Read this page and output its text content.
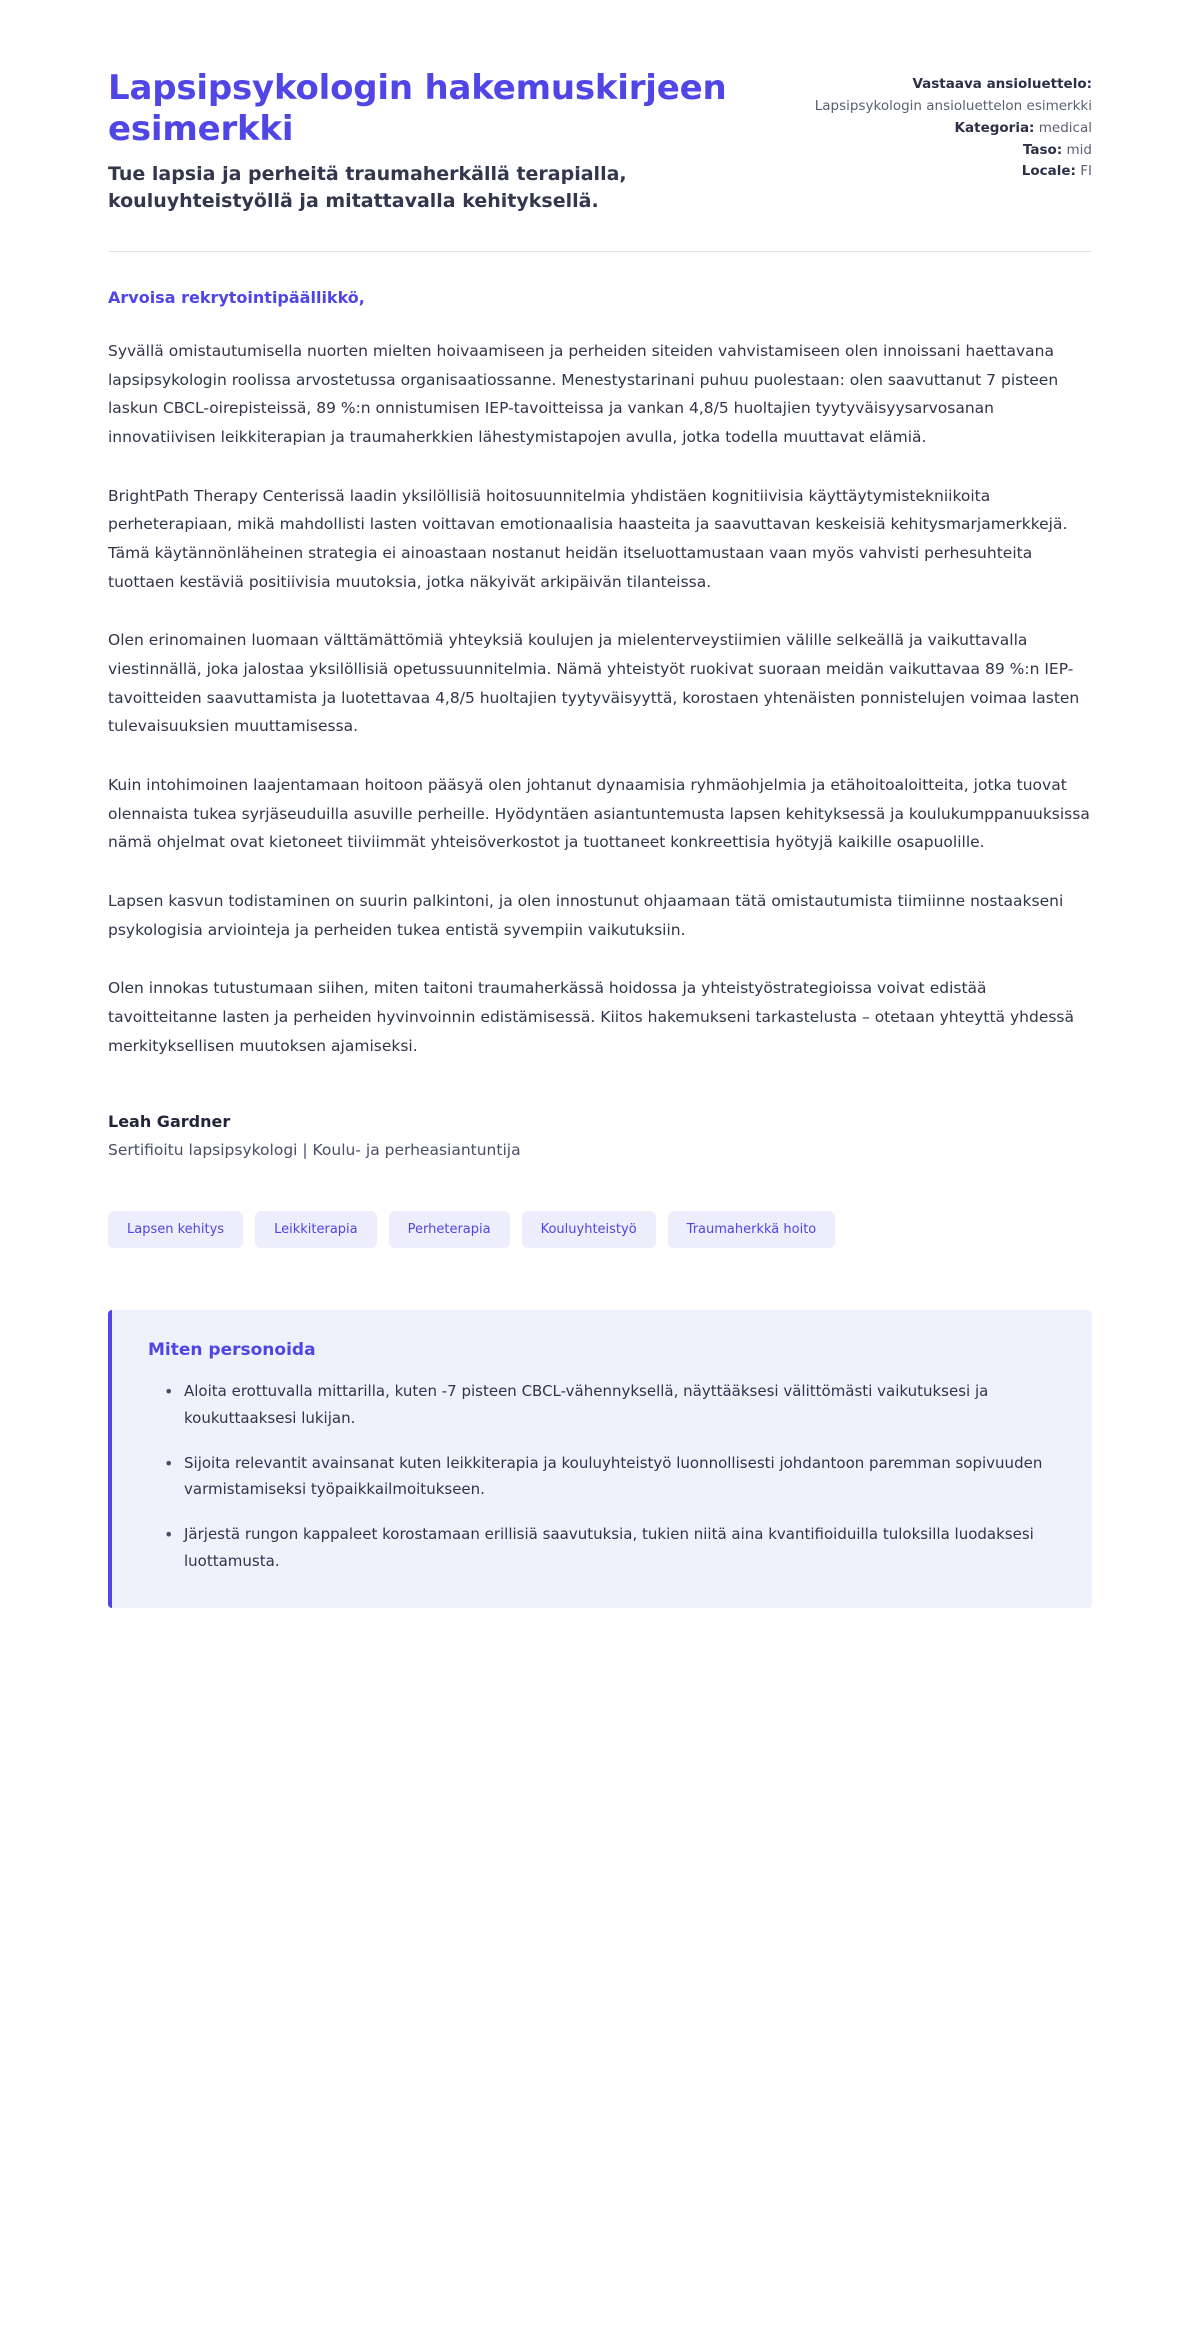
Lapsipsykologin hakemuskirjeen esimerkki

Tue lapsia ja perheitä traumaherkällä terapialla, kouluyhteistyöllä ja mitattavalla kehityksellä.

Vastaava ansioluettelo:
Lapsipsykologin ansioluettelon esimerkki

Kategoria: medical

Taso: mid

Locale: FI

Arvoisa rekrytointipäällikkö,

Syvällä omistautumisella nuorten mielten hoivaamiseen ja perheiden siteiden vahvistamiseen olen innoissani haettavana lapsipsykologin roolissa arvostetussa organisaatiossanne. Menestystarinani puhuu puolestaan: olen saavuttanut 7 pisteen laskun CBCL-oirepisteissä, 89 %:n onnistumisen IEP-tavoitteissa ja vankan 4,8/5 huoltajien tyytyväisyysarvosanan innovatiivisen leikkiterapian ja traumaherkkien lähestymistapojen avulla, jotka todella muuttavat elämiä.

BrightPath Therapy Centerissä laadin yksilöllisiä hoitosuunnitelmia yhdistäen kognitiivisia käyttäytymistekniikoita perheterapiaan, mikä mahdollisti lasten voittavan emotionaalisia haasteita ja saavuttavan keskeisiä kehitysmarjamerkkejä. Tämä käytännönläheinen strategia ei ainoastaan nostanut heidän itseluottamustaan vaan myös vahvisti perhesuhteita tuottaen kestäviä positiivisia muutoksia, jotka näkyivät arkipäivän tilanteissa.

Olen erinomainen luomaan välttämättömiä yhteyksiä koulujen ja mielenterveystiimien välille selkeällä ja vaikuttavalla viestinnällä, joka jalostaa yksilöllisiä opetussuunnitelmia. Nämä yhteistyöt ruokivat suoraan meidän vaikuttavaa 89 %:n IEP-tavoitteiden saavuttamista ja luotettavaa 4,8/5 huoltajien tyytyväisyyttä, korostaen yhtenäisten ponnistelujen voimaa lasten tulevaisuuksien muuttamisessa.

Kuin intohimoinen laajentamaan hoitoon pääsyä olen johtanut dynaamisia ryhmäohjelmia ja etähoitoaloitteita, jotka tuovat olennaista tukea syrjäseuduilla asuville perheille. Hyödyntäen asiantuntemusta lapsen kehityksessä ja koulukumppanuuksissa nämä ohjelmat ovat kietoneet tiiviimmät yhteisöverkostot ja tuottaneet konkreettisia hyötyjä kaikille osapuolille.

Lapsen kasvun todistaminen on suurin palkintoni, ja olen innostunut ohjaamaan tätä omistautumista tiimiinne nostaakseni psykologisia arviointeja ja perheiden tukea entistä syvempiin vaikutuksiin.

Olen innokas tutustumaan siihen, miten taitoni traumaherkässä hoidossa ja yhteistyöstrategioissa voivat edistää tavoitteitanne lasten ja perheiden hyvinvoinnin edistämisessä. Kiitos hakemukseni tarkastelusta – otetaan yhteyttä yhdessä merkityksellisen muutoksen ajamiseksi.

Leah Gardner

Sertifioitu lapsipsykologi | Koulu- ja perheasiantuntija

Lapsen kehitys	Leikkiterapia	Perheterapia	Kouluyhteistyö	Traumaherkkä hoito

Miten personoida

• Aloita erottuvalla mittarilla, kuten -7 pisteen CBCL-vähennyksellä, näyttääksesi välittömästi vaikutuksesi ja koukuttaaksesi lukijan.
• Sijoita relevantit avainsanat kuten leikkiterapia ja kouluyhteistyö luonnollisesti johdantoon paremman sopivuuden varmistamiseksi työpaikkailmoitukseen.
• Järjestä rungon kappaleet korostamaan erillisiä saavutuksia, tukien niitä aina kvantifioiduilla tuloksilla luodaksesi luottamusta.
